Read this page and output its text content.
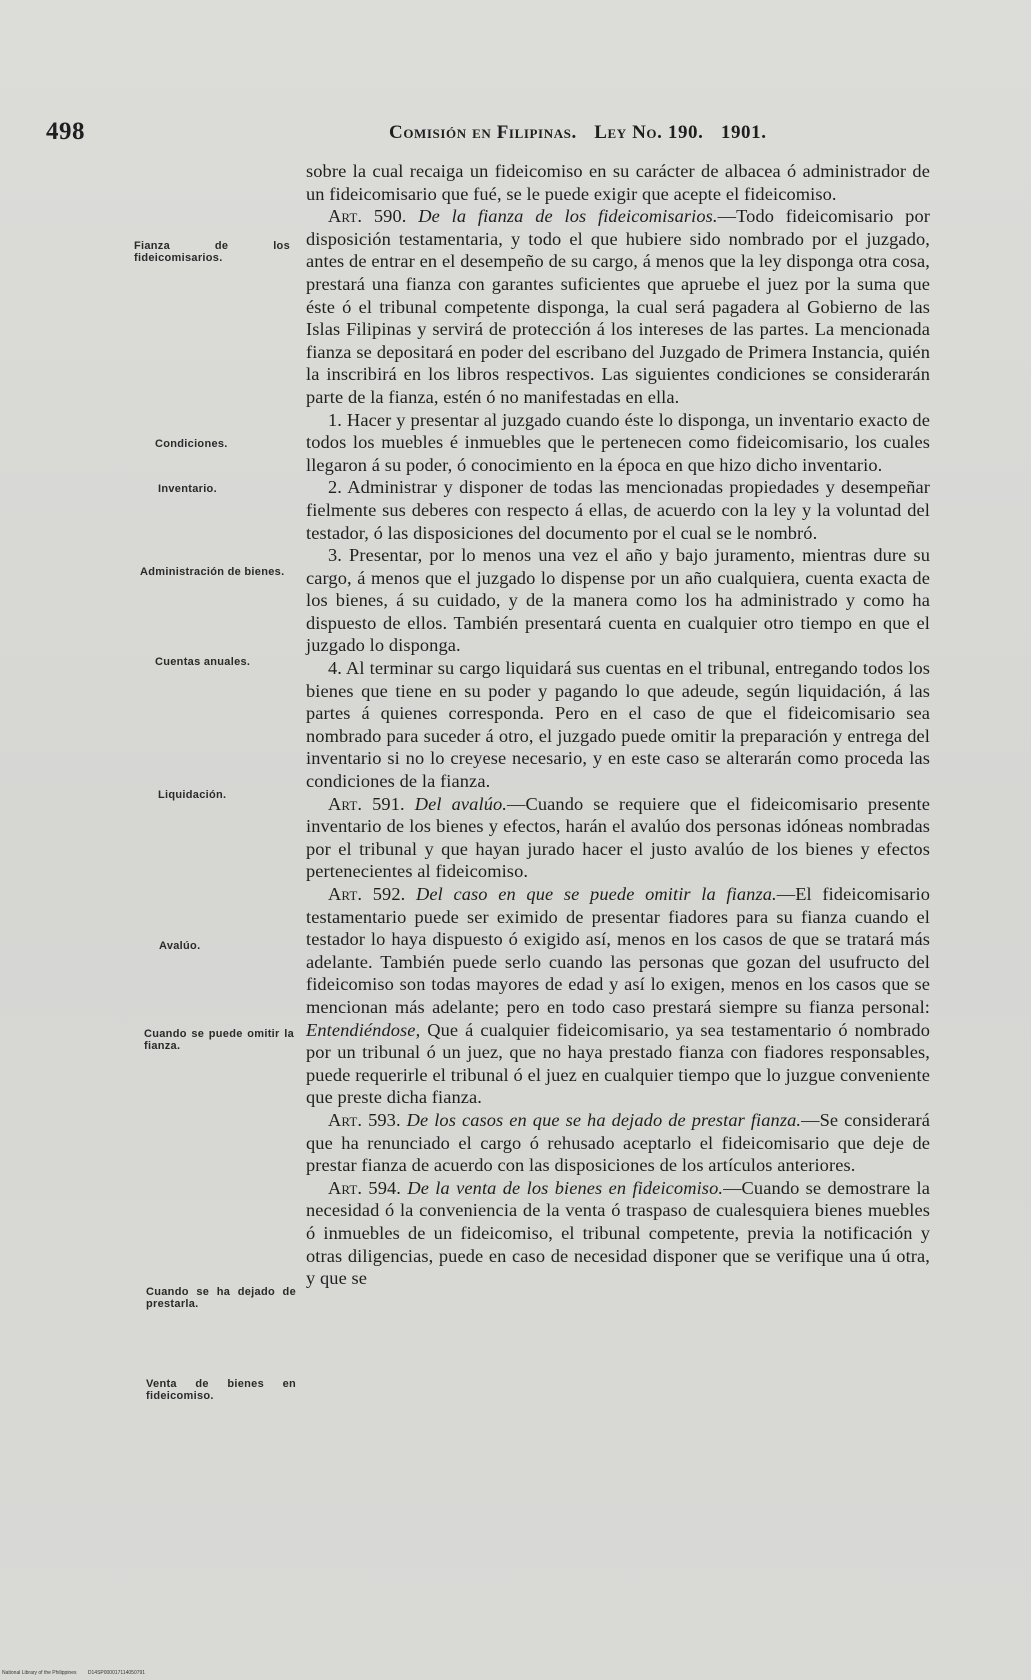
498	Comisión en Filipinas. Ley No. 190. 1901.
Fianza de los fideicomisarios.
Condiciones.
Inventario.
Administración de bienes.
Cuentas anuales.
Liquidación.
Avalúo.
Cuando se puede omitir la fianza.
Cuando se ha dejado de prestarla.
Venta de bienes en fideicomiso.

sobre la cual recaiga un fideicomiso en su carácter de albacea ó administrador de un fideicomisario que fué, se le puede exigir que acepte el fideicomiso.

Art. 590. De la fianza de los fideicomisarios.—Todo fideicomisario por disposición testamentaria, y todo el que hubiere sido nombrado por el juzgado, antes de entrar en el desempeño de su cargo, á menos que la ley disponga otra cosa, prestará una fianza con garantes suficientes que apruebe el juez por la suma que éste ó el tribunal competente disponga, la cual será pagadera al Gobierno de las Islas Filipinas y servirá de protección á los intereses de las partes. La mencionada fianza se depositará en poder del escribano del Juzgado de Primera Instancia, quién la inscribirá en los libros respectivos. Las siguientes condiciones se considerarán parte de la fianza, estén ó no manifestadas en ella.

1. Hacer y presentar al juzgado cuando éste lo disponga, un inventario exacto de todos los muebles é inmuebles que le pertenecen como fideicomisario, los cuales llegaron á su poder, ó conocimiento en la época en que hizo dicho inventario.

2. Administrar y disponer de todas las mencionadas propiedades y desempeñar fielmente sus deberes con respecto á ellas, de acuerdo con la ley y la voluntad del testador, ó las disposiciones del documento por el cual se le nombró.

3. Presentar, por lo menos una vez el año y bajo juramento, mientras dure su cargo, á menos que el juzgado lo dispense por un año cualquiera, cuenta exacta de los bienes, á su cuidado, y de la manera como los ha administrado y como ha dispuesto de ellos. También presentará cuenta en cualquier otro tiempo en que el juzgado lo disponga.

4. Al terminar su cargo liquidará sus cuentas en el tribunal, entregando todos los bienes que tiene en su poder y pagando lo que adeude, según liquidación, á las partes á quienes corresponda. Pero en el caso de que el fideicomisario sea nombrado para suceder á otro, el juzgado puede omitir la preparación y entrega del inventario si no lo creyese necesario, y en este caso se alterarán como proceda las condiciones de la fianza.

Art. 591. Del avalúo.—Cuando se requiere que el fideicomisario presente inventario de los bienes y efectos, harán el avalúo dos personas idóneas nombradas por el tribunal y que hayan jurado hacer el justo avalúo de los bienes y efectos pertenecientes al fideicomiso.

Art. 592. Del caso en que se puede omitir la fianza.—El fideicomisario testamentario puede ser eximido de presentar fiadores para su fianza cuando el testador lo haya dispuesto ó exigido así, menos en los casos de que se tratará más adelante. También puede serlo cuando las personas que gozan del usufructo del fideicomiso son todas mayores de edad y así lo exigen, menos en los casos que se mencionan más adelante; pero en todo caso prestará siempre su fianza personal: Entendiéndose, Que á cualquier fideicomisario, ya sea testamentario ó nombrado por un tribunal ó un juez, que no haya prestado fianza con fiadores responsables, puede requerirle el tribunal ó el juez en cualquier tiempo que lo juzgue conveniente que preste dicha fianza.

Art. 593. De los casos en que se ha dejado de prestar fianza.—Se considerará que ha renunciado el cargo ó rehusado aceptarlo el fideicomisario que deje de prestar fianza de acuerdo con las disposiciones de los artículos anteriores.

Art. 594. De la venta de los bienes en fideicomiso.—Cuando se demostrare la necesidad ó la conveniencia de la venta ó traspaso de cualesquiera bienes muebles ó inmuebles de un fideicomiso, el tribunal competente, previa la notificación y otras diligencias, puede en caso de necesidad disponer que se verifique una ú otra, y que se

National Library of the Philippines D14SP000017114050791
